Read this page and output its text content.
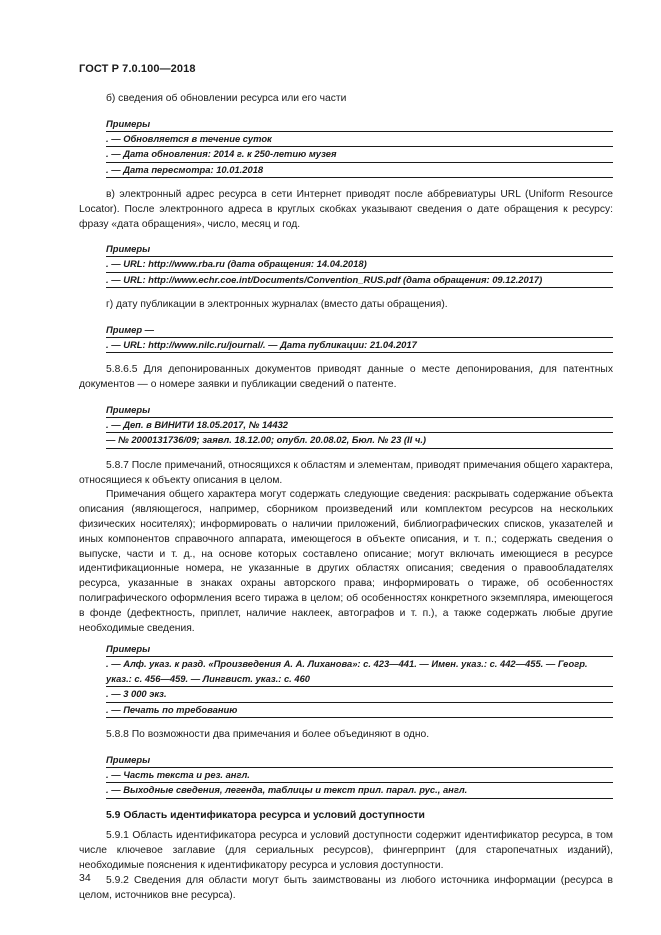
ГОСТ Р 7.0.100—2018

б) сведения об обновлении ресурса или его части

Примеры

. — Обновляется в течение суток

. — Дата обновления: 2014 г. к 250-летию музея

. — Дата пересмотра: 10.01.2018

в) электронный адрес ресурса в сети Интернет приводят после аббревиатуры URL (Uniform Resource Locator). После электронного адреса в круглых скобках указывают сведения о дате обращения к ресурсу: фразу «дата обращения», число, месяц и год.

Примеры

. — URL: http://www.rba.ru (дата обращения: 14.04.2018)

. — URL: http://www.echr.coe.int/Documents/Convention_RUS.pdf (дата обращения: 09.12.2017)

г) дату публикации в электронных журналах (вместо даты обращения).

Пример —

. — URL: http://www.nilc.ru/journal/. — Дата публикации: 21.04.2017

5.8.6.5 Для депонированных документов приводят данные о месте депонирования, для патентных документов — о номере заявки и публикации сведений о патенте.

Примеры

. — Деп. в ВИНИТИ 18.05.2017, № 14432

— № 2000131736/09; заявл. 18.12.00; опубл. 20.08.02, Бюл. № 23 (II ч.)

5.8.7 После примечаний, относящихся к областям и элементам, приводят примечания общего характера, относящиеся к объекту описания в целом.

Примечания общего характера могут содержать следующие сведения: раскрывать содержание объекта описания (являющегося, например, сборником произведений или комплектом ресурсов на нескольких физических носителях); информировать о наличии приложений, библиографических списков, указателей и иных компонентов справочного аппарата, имеющегося в объекте описания, и т. п.; содержать сведения о выпуске, части и т. д., на основе которых составлено описание; могут включать имеющиеся в ресурсе идентификационные номера, не указанные в других областях описания; сведения о правообладателях ресурса, указанные в знаках охраны авторского права; информировать о тираже, об особенностях полиграфического оформления всего тиража в целом; об особенностях конкретного экземпляра, имеющегося в фонде (дефектность, приплет, наличие наклеек, автографов и т. п.), а также содержать любые другие необходимые сведения.

Примеры

. — Алф. указ. к разд. «Произведения А. А. Лиханова»: с. 423—441. — Имен. указ.: с. 442—455. — Геогр. указ.: с. 456—459. — Лингвист. указ.: с. 460

. — 3 000 экз.

. — Печать по требованию

5.8.8 По возможности два примечания и более объединяют в одно.

Примеры

. — Часть текста и рез. англ.

. — Выходные сведения, легенда, таблицы и текст прил. парал. рус., англ.

5.9 Область идентификатора ресурса и условий доступности

5.9.1 Область идентификатора ресурса и условий доступности содержит идентификатор ресурса, в том числе ключевое заглавие (для сериальных ресурсов), фингерпринт (для старопечатных изданий), необходимые пояснения к идентификатору ресурса и условия доступности.

5.9.2 Сведения для области могут быть заимствованы из любого источника информации (ресурса в целом, источников вне ресурса).

34
